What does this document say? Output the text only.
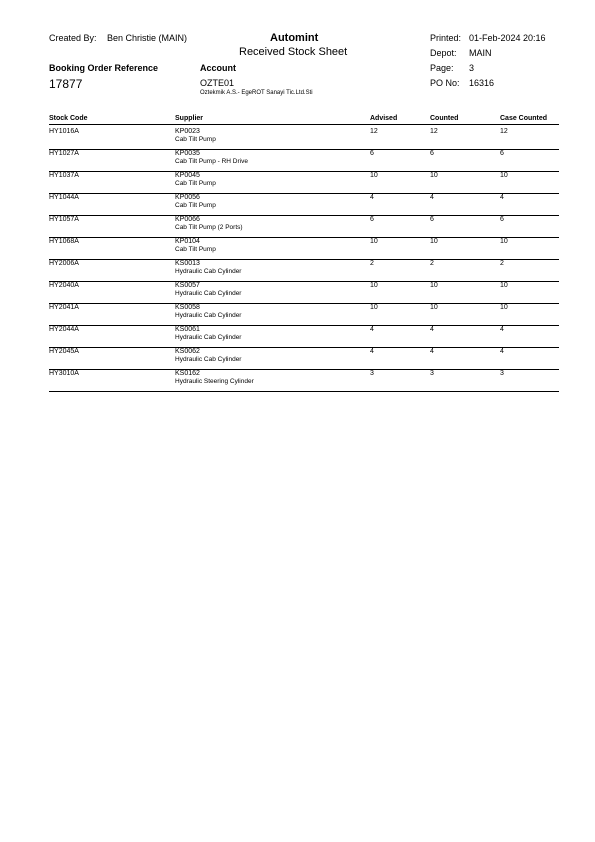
Created By: Ben Christie (MAIN)	Automint
Received Stock Sheet
Printed: 01-Feb-2024 20:16
Depot: MAIN
Booking Order Reference	Account	Page: 3
17877	OZTE01	PO No: 16316
Oztekmik A.S.- EgeROT Sanayi Tic.Ltd.Sti
Stock Code	Supplier	Advised	Counted	Case Counted
HY1016A	KP0023	12	12	12
Cab Tilt Pump
HY1027A	KP0035	6	6	6
Cab Tilt Pump - RH Drive
HY1037A	KP0045	10	10	10
Cab Tilt Pump
HY1044A	KP0056	4	4	4
Cab Tilt Pump
HY1057A	KP0066	6	6	6
Cab Tilt Pump (2 Ports)
HY1068A	KP0104	10	10	10
Cab Tilt Pump
HY2006A	KS0013	2	2	2
Hydraulic Cab Cylinder
HY2040A	KS0057	10	10	10
Hydraulic Cab Cylinder
HY2041A	KS0058	10	10	10
Hydraulic Cab Cylinder
HY2044A	KS0061	4	4	4
Hydraulic Cab Cylinder
HY2045A	KS0062	4	4	4
Hydraulic Cab Cylinder
HY3010A	KS0162	3	3	3
Hydraulic Steering Cylinder
